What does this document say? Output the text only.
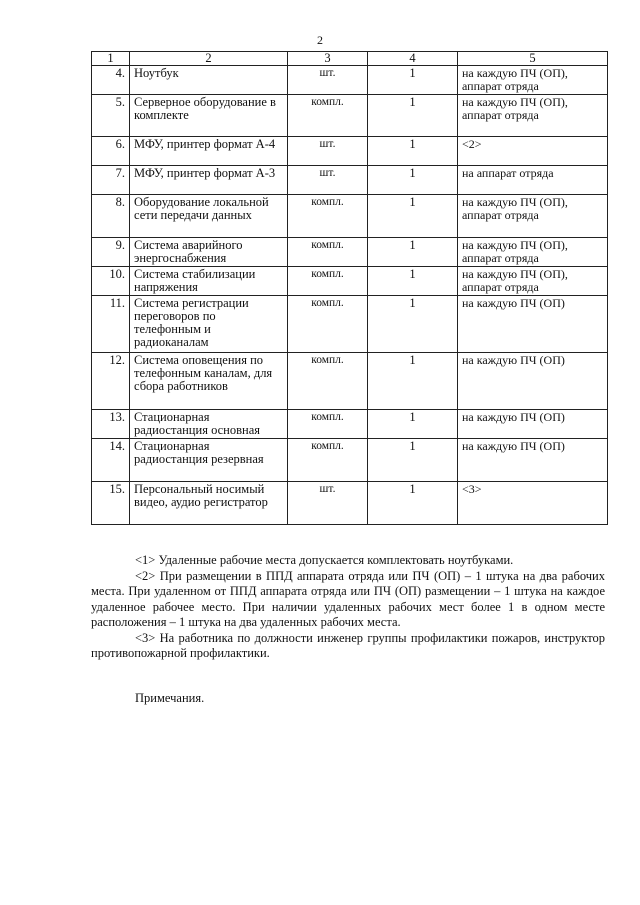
2
1	2	3	4	5
4.	Ноутбук	шт.	1	на каждую ПЧ (ОП), аппарат отряда
5.	Серверное оборудование в комплекте	компл.	1	на каждую ПЧ (ОП), аппарат отряда
6.	МФУ, принтер формат А-4	шт.	1	<2>
7.	МФУ, принтер формат А-3	шт.	1	на аппарат отряда
8.	Оборудование локальной сети передачи данных	компл.	1	на каждую ПЧ (ОП), аппарат отряда
9.	Система аварийного энергоснабжения	компл.	1	на каждую ПЧ (ОП), аппарат отряда
10.	Система стабилизации напряжения	компл.	1	на каждую ПЧ (ОП), аппарат отряда
11.	Система регистрации переговоров по телефонным и радиоканалам	компл.	1	на каждую ПЧ (ОП)
12.	Система оповещения по телефонным каналам, для сбора работников	компл.	1	на каждую ПЧ (ОП)
13.	Стационарная радиостанция основная	компл.	1	на каждую ПЧ (ОП)
14.	Стационарная радиостанция резервная	компл.	1	на каждую ПЧ (ОП)
15.	Персональный носимый видео, аудио регистратор	шт.	1	<3>

<1> Удаленные рабочие места допускается комплектовать ноутбуками.

<2> При размещении в ППД аппарата отряда или ПЧ (ОП) – 1 штука на два рабочих места. При удаленном от ППД аппарата отряда или ПЧ (ОП) размещении – 1 штука на каждое удаленное рабочее место. При наличии удаленных рабочих мест более 1 в одном месте расположения – 1 штука на два удаленных рабочих места.

<3> На работника по должности инженер группы профилактики пожаров, инструктор противопожарной профилактики.

Примечания.
